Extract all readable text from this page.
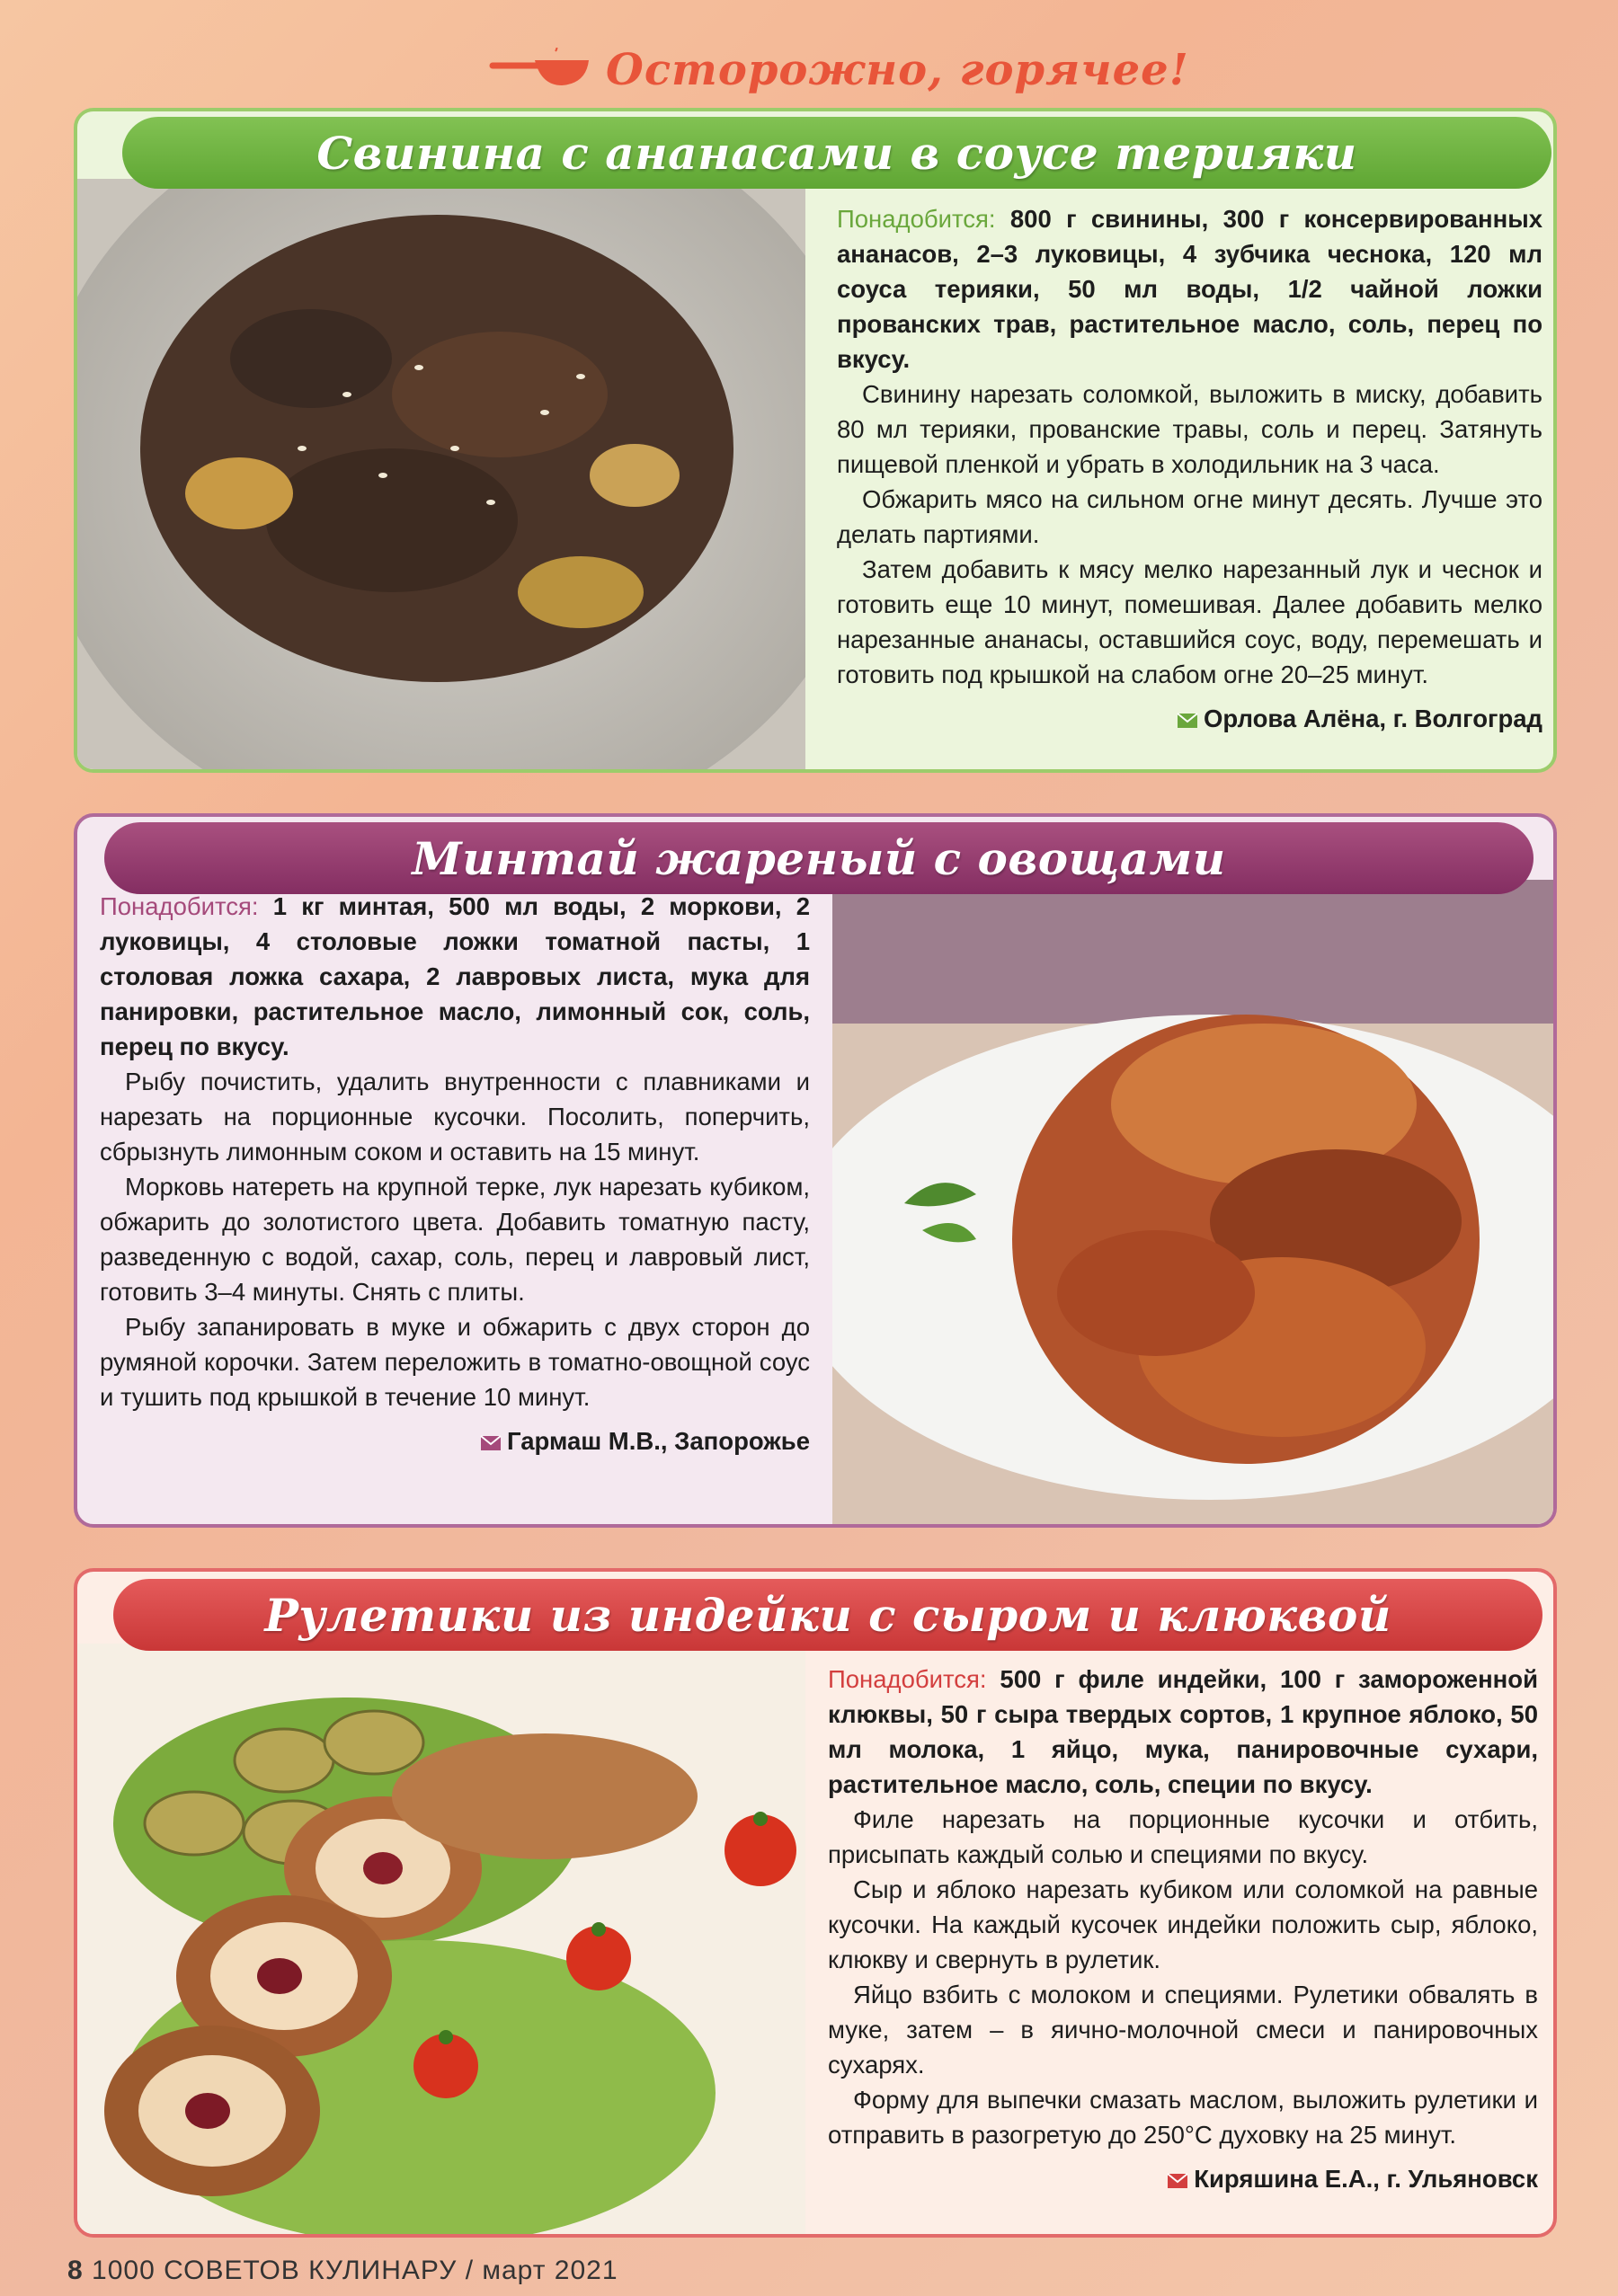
Осторожно, горячее!
Свинина с ананасами в соусе терияки

Понадобится: 800 г свинины, 300 г консервированных ананасов, 2–3 луковицы, 4 зубчика чеснока, 120 мл соуса терияки, 50 мл воды, 1/2 чайной ложки прованских трав, растительное масло, соль, перец по вкусу.

Свинину нарезать соломкой, выложить в миску, добавить 80 мл терияки, прованские травы, соль и перец. Затянуть пищевой пленкой и убрать в холодильник на 3 часа.

Обжарить мясо на сильном огне минут десять. Лучше это делать партиями.

Затем добавить к мясу мелко нарезанный лук и чеснок и готовить еще 10 минут, помешивая. Далее добавить мелко нарезанные ананасы, оставшийся соус, воду, перемешать и готовить под крышкой на слабом огне 20–25 минут.

Орлова Алёна, г. Волгоград
Минтай жареный с овощами

Понадобится: 1 кг минтая, 500 мл воды, 2 моркови, 2 луковицы, 4 столовые ложки томатной пасты, 1 столовая ложка сахара, 2 лавровых листа, мука для панировки, растительное масло, лимонный сок, соль, перец по вкусу.

Рыбу почистить, удалить внутренности с плавниками и нарезать на порционные кусочки. Посолить, поперчить, сбрызнуть лимонным соком и оставить на 15 минут.

Морковь натереть на крупной терке, лук нарезать кубиком, обжарить до золотистого цвета. Добавить томатную пасту, разведенную с водой, сахар, соль, перец и лавровый лист, готовить 3–4 минуты. Снять с плиты.

Рыбу запанировать в муке и обжарить с двух сторон до румяной корочки. Затем переложить в томатно-овощной соус и тушить под крышкой в течение 10 минут.

Гармаш М.В., Запорожье
Рулетики из индейки с сыром и клюквой

Понадобится: 500 г филе индейки, 100 г замороженной клюквы, 50 г сыра твердых сортов, 1 крупное яблоко, 50 мл молока, 1 яйцо, мука, панировочные сухари, растительное масло, соль, специи по вкусу.

Филе нарезать на порционные кусочки и отбить, присыпать каждый солью и специями по вкусу.

Сыр и яблоко нарезать кубиком или соломкой на равные кусочки. На каждый кусочек индейки положить сыр, яблоко, клюкву и свернуть в рулетик.

Яйцо взбить с молоком и специями. Рулетики обвалять в муке, затем – в яично-молочной смеси и панировочных сухарях.

Форму для выпечки смазать маслом, выложить рулетики и отправить в разогретую до 250°С духовку на 25 минут.

Киряшина Е.А., г. Ульяновск
8 1000 СОВЕТОВ КУЛИНАРУ / март 2021
